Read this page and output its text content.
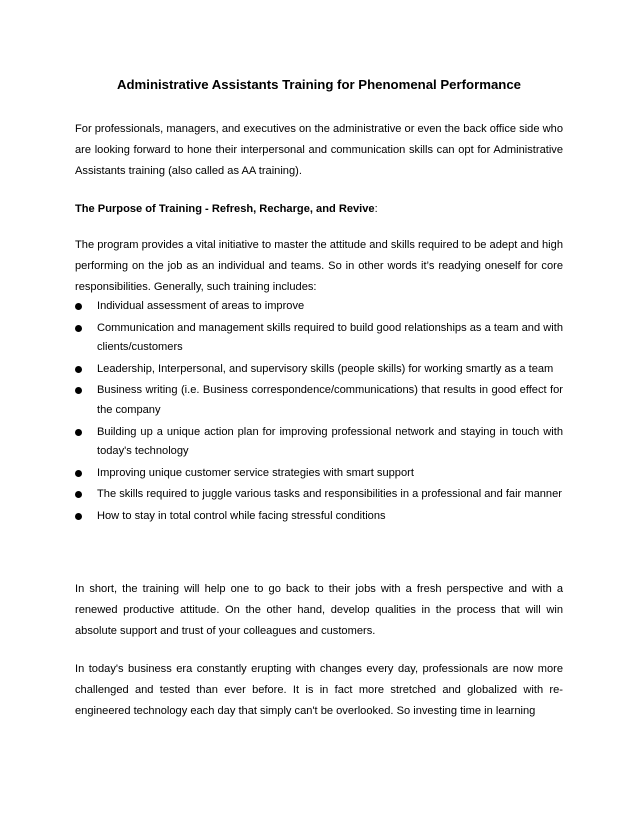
Administrative Assistants Training for Phenomenal Performance

For professionals, managers, and executives on the administrative or even the back office side who are looking forward to hone their interpersonal and communication skills can opt for Administrative Assistants training (also called as AA training).

The Purpose of Training - Refresh, Recharge, and Revive:

The program provides a vital initiative to master the attitude and skills required to be adept and high performing on the job as an individual and teams. So in other words it’s readying oneself for core responsibilities. Generally, such training includes:

Individual assessment of areas to improve
Communication and management skills required to build good relationships as a team and with clients/customers
Leadership, Interpersonal, and supervisory skills (people skills) for working smartly as a team
Business writing (i.e. Business correspondence/communications) that results in good effect for the company
Building up a unique action plan for improving professional network and staying in touch with today's technology
Improving unique customer service strategies with smart support
The skills required to juggle various tasks and responsibilities in a professional and fair manner
How to stay in total control while facing stressful conditions

In short, the training will help one to go back to their jobs with a fresh perspective and with a renewed productive attitude. On the other hand, develop qualities in the process that will win absolute support and trust of your colleagues and customers.

In today's business era constantly erupting with changes every day, professionals are now more challenged and tested than ever before. It is in fact more stretched and globalized with re-engineered technology each day that simply can't be overlooked. So investing time in learning
